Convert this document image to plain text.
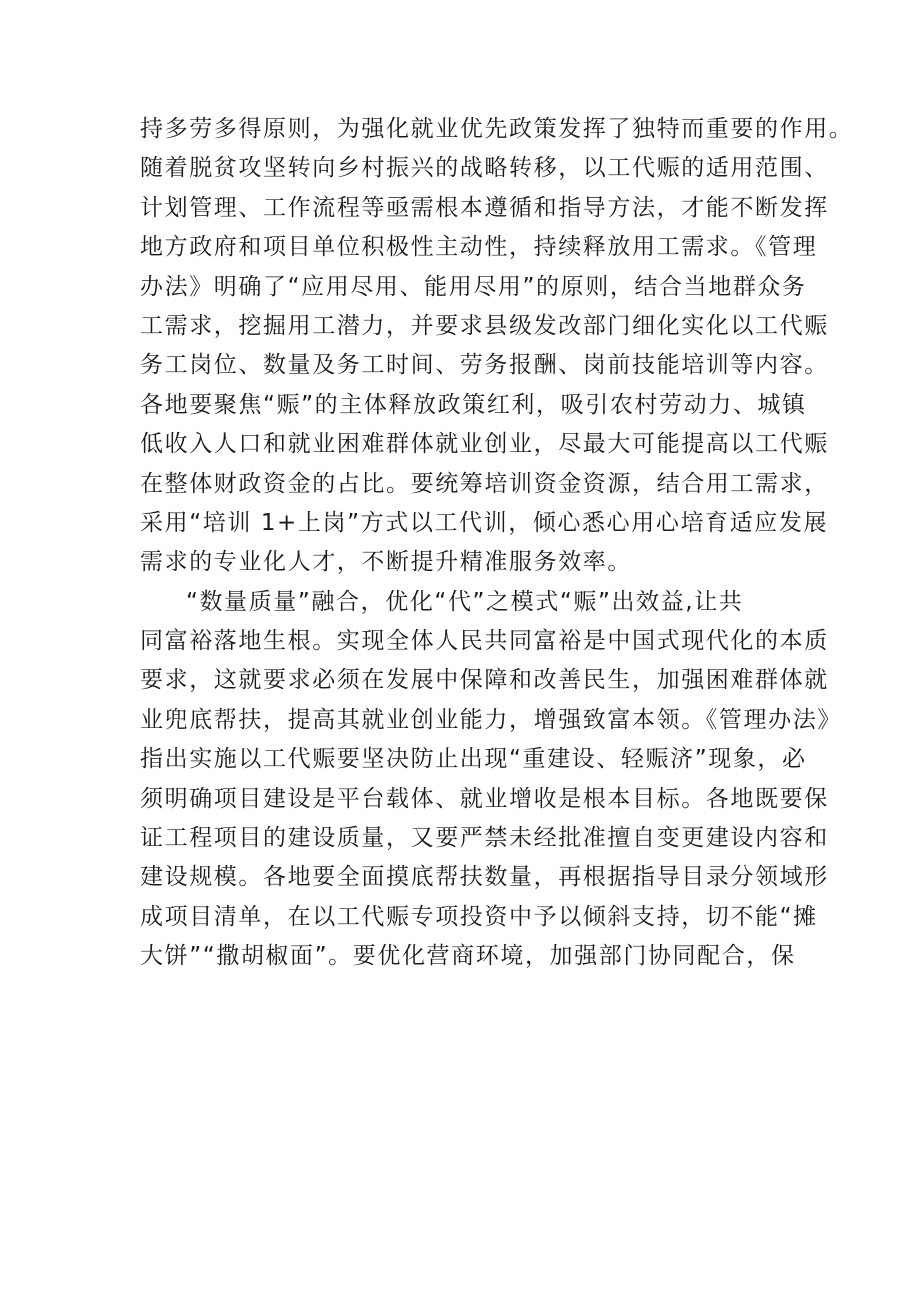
持多劳多得原则，为强化就业优先政策发挥了独特而重要的作用。
随着脱贫攻坚转向乡村振兴的战略转移，以工代赈的适用范围、
计划管理、工作流程等亟需根本遵循和指导方法，才能不断发挥
地方政府和项目单位积极性主动性，持续释放用工需求。《管理
办法》明确了“应用尽用、能用尽用”的原则，结合当地群众务
工需求，挖掘用工潜力，并要求县级发改部门细化实化以工代赈
务工岗位、数量及务工时间、劳务报酬、岗前技能培训等内容。
各地要聚焦“赈”的主体释放政策红利，吸引农村劳动力、城镇
低收入人口和就业困难群体就业创业，尽最大可能提高以工代赈
在整体财政资金的占比。要统筹培训资金资源，结合用工需求，
采用“培训 1+上岗”方式以工代训，倾心悉心用心培育适应发展
需求的专业化人才，不断提升精准服务效率。
“数量质量”融合，优化“代”之模式“赈”出效益,让共
同富裕落地生根。实现全体人民共同富裕是中国式现代化的本质
要求，这就要求必须在发展中保障和改善民生，加强困难群体就
业兜底帮扶，提高其就业创业能力，增强致富本领。《管理办法》
指出实施以工代赈要坚决防止出现“重建设、轻赈济”现象，必
须明确项目建设是平台载体、就业增收是根本目标。各地既要保
证工程项目的建设质量，又要严禁未经批准擅自变更建设内容和
建设规模。各地要全面摸底帮扶数量，再根据指导目录分领域形
成项目清单，在以工代赈专项投资中予以倾斜支持，切不能“摊
大饼”“撒胡椒面”。要优化营商环境，加强部门协同配合，保
